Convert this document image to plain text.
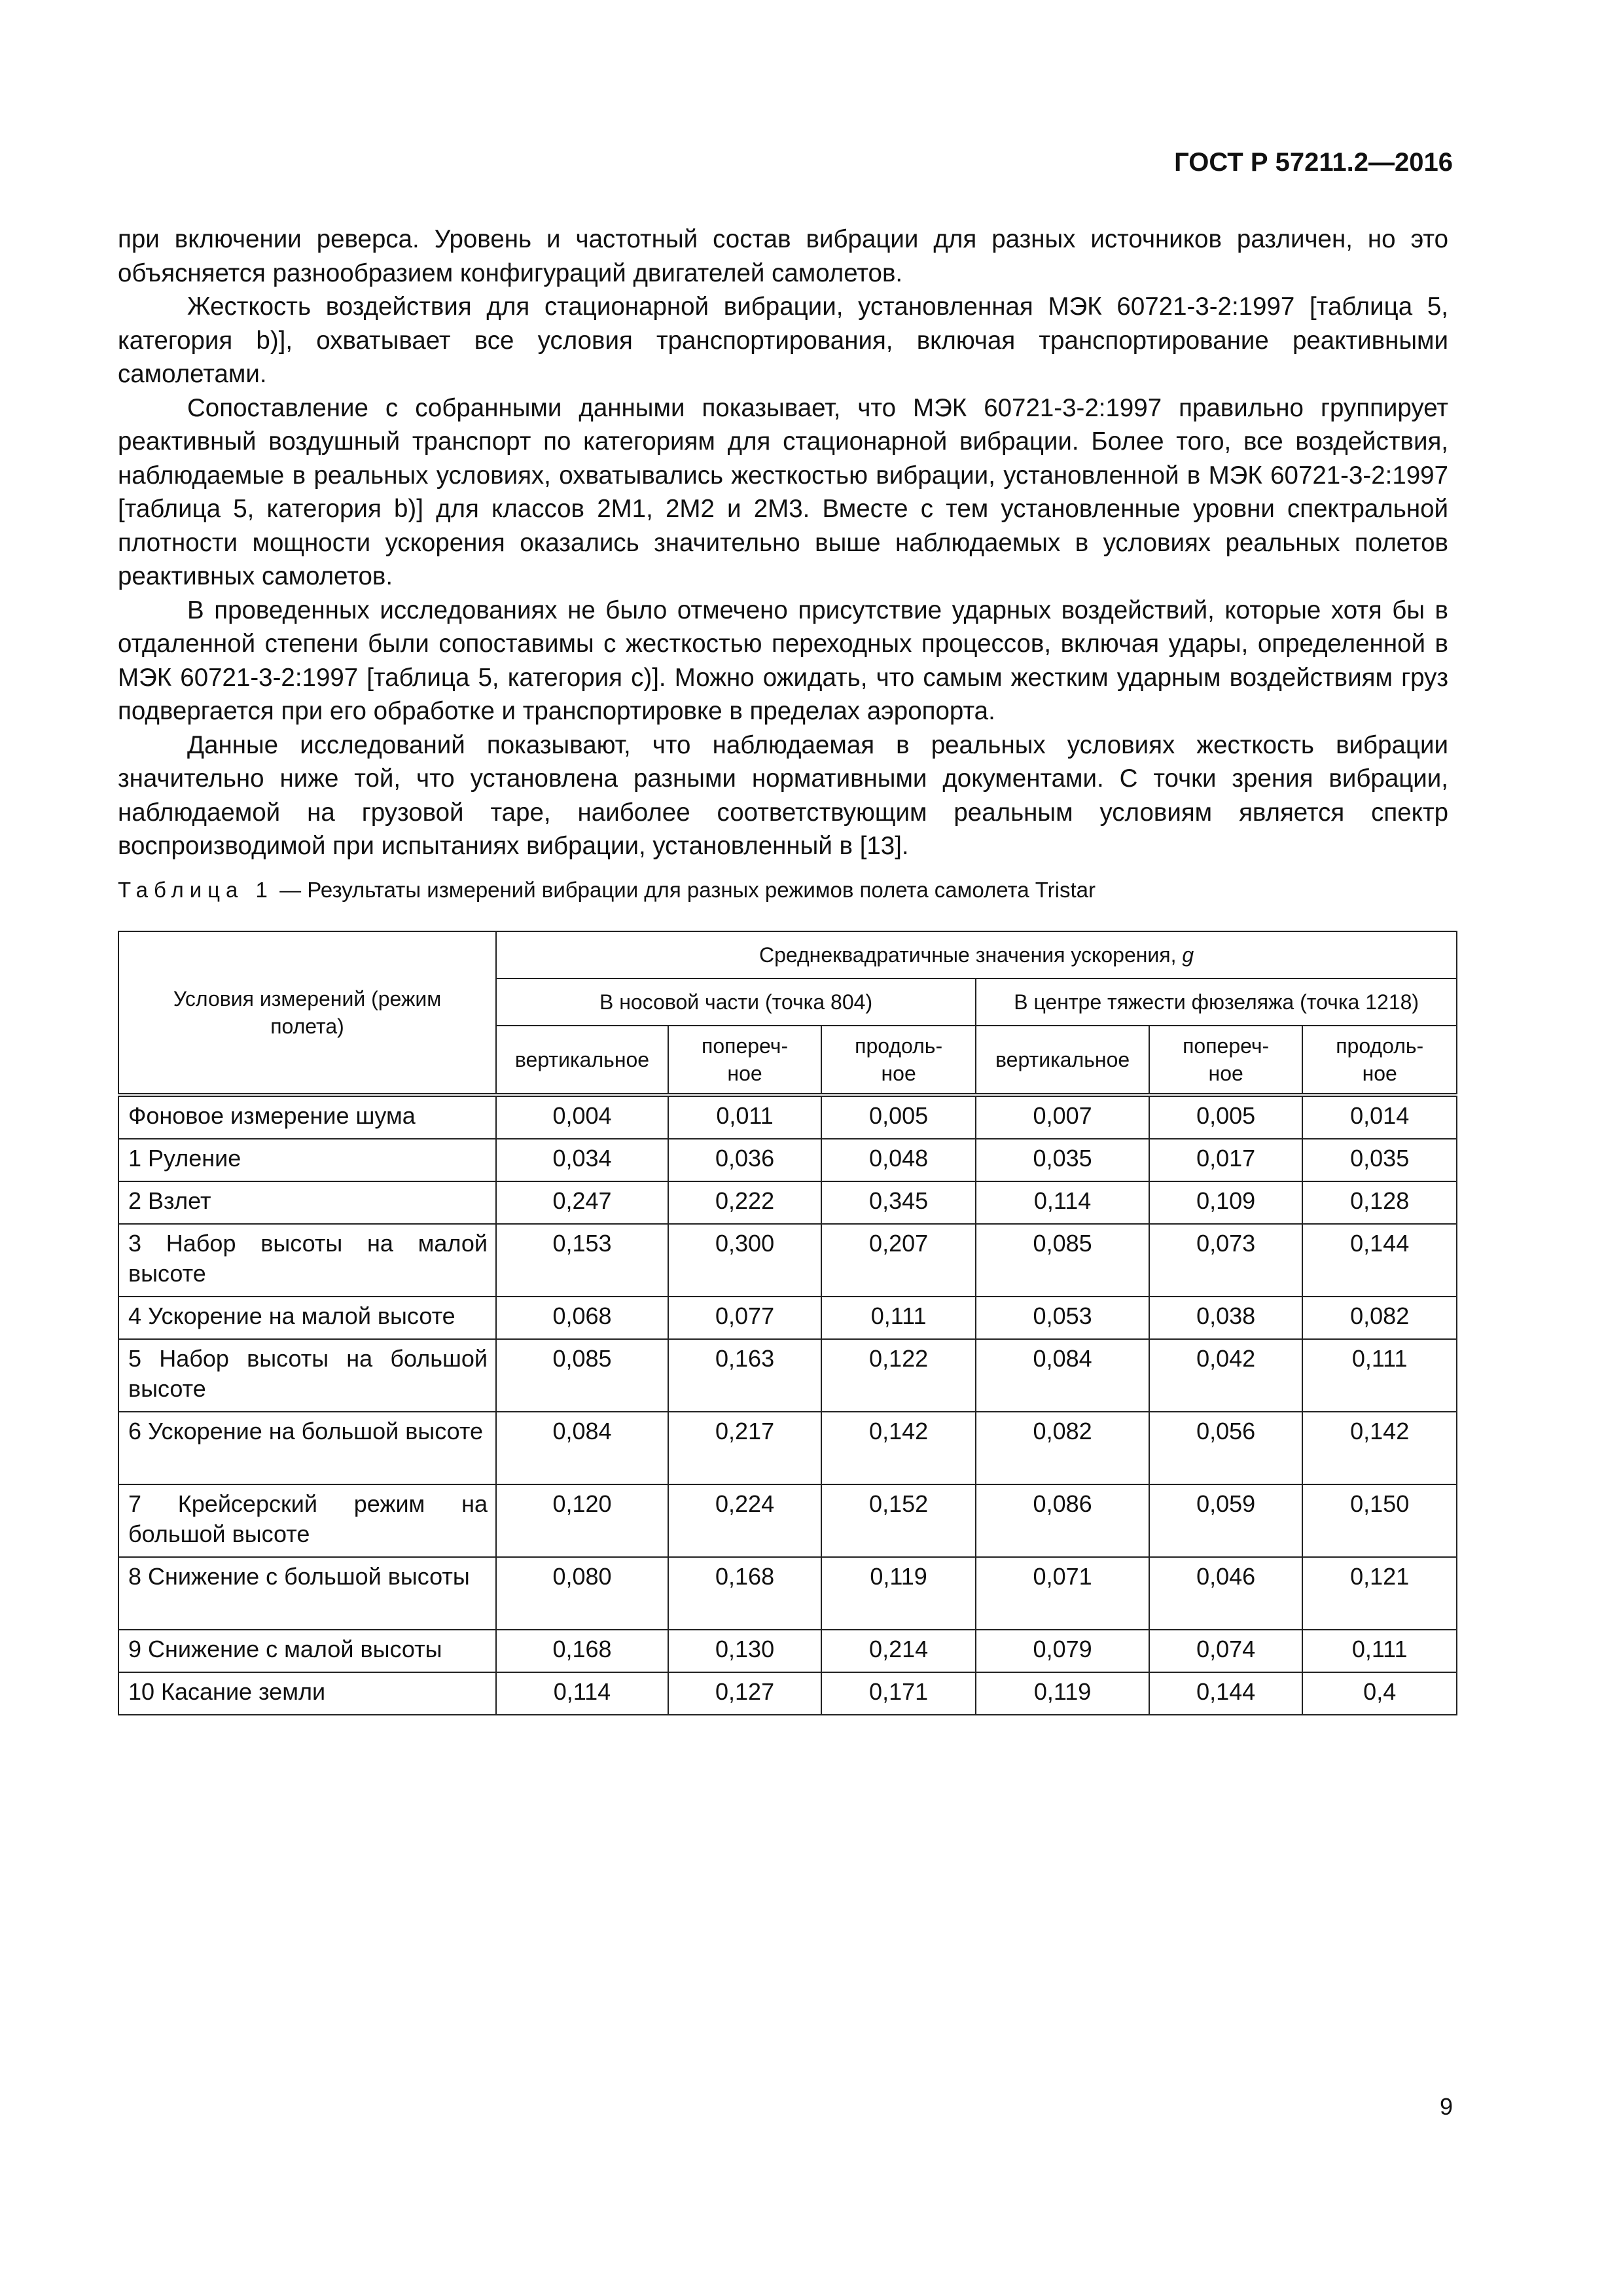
ГОСТ Р 57211.2—2016

при включении реверса. Уровень и частотный состав вибрации для разных источников различен, но это объясняется разнообразием конфигураций двигателей самолетов.

Жесткость воздействия для стационарной вибрации, установленная МЭК 60721-3-2:1997 [таблица 5, категория b)], охватывает все условия транспортирования, включая транспортирование реактивными самолетами.

Сопоставление с собранными данными показывает, что МЭК 60721-3-2:1997 правильно группирует реактивный воздушный транспорт по категориям для стационарной вибрации. Более того, все воздействия, наблюдаемые в реальных условиях, охватывались жесткостью вибрации, установленной в МЭК 60721-3-2:1997 [таблица 5, категория b)] для классов 2М1, 2М2 и 2М3. Вместе с тем установленные уровни спектральной плотности мощности ускорения оказались значительно выше наблюдаемых в условиях реальных полетов реактивных самолетов.

В проведенных исследованиях не было отмечено присутствие ударных воздействий, которые хотя бы в отдаленной степени были сопоставимы с жесткостью переходных процессов, включая удары, определенной в МЭК 60721-3-2:1997 [таблица 5, категория с)]. Можно ожидать, что самым жестким ударным воздействиям груз подвергается при его обработке и транспортировке в пределах аэропорта.

Данные исследований показывают, что наблюдаемая в реальных условиях жесткость вибрации значительно ниже той, что установлена разными нормативными документами. С точки зрения вибрации, наблюдаемой на грузовой таре, наиболее соответствующим реальным условиям является спектр воспроизводимой при испытаниях вибрации, установленный в [13].

Таблица 1 — Результаты измерений вибрации для разных режимов полета самолета Tristar
Условия измерений (режим полета)	Среднеквадратичные значения ускорения, g					
	В носовой части (точка 804)			В центре тяжести фюзеляжа (точка 1218)		
	вертикальное	попереч-ное	продоль-ное	вертикальное	попереч-ное	продоль-ное
Фоновое измерение шума	0,004	0,011	0,005	0,007	0,005	0,014
1 Руление	0,034	0,036	0,048	0,035	0,017	0,035
2 Взлет	0,247	0,222	0,345	0,114	0,109	0,128
3 Набор высоты на малой высоте	0,153	0,300	0,207	0,085	0,073	0,144
4 Ускорение на малой высоте	0,068	0,077	0,111	0,053	0,038	0,082
5 Набор высоты на большой высоте	0,085	0,163	0,122	0,084	0,042	0,111
6 Ускорение на большой высоте	0,084	0,217	0,142	0,082	0,056	0,142
7 Крейсерский режим на большой высоте	0,120	0,224	0,152	0,086	0,059	0,150
8 Снижение с большой высоты	0,080	0,168	0,119	0,071	0,046	0,121
9 Снижение с малой высоты	0,168	0,130	0,214	0,079	0,074	0,111
10 Касание земли	0,114	0,127	0,171	0,119	0,144	0,4
9
